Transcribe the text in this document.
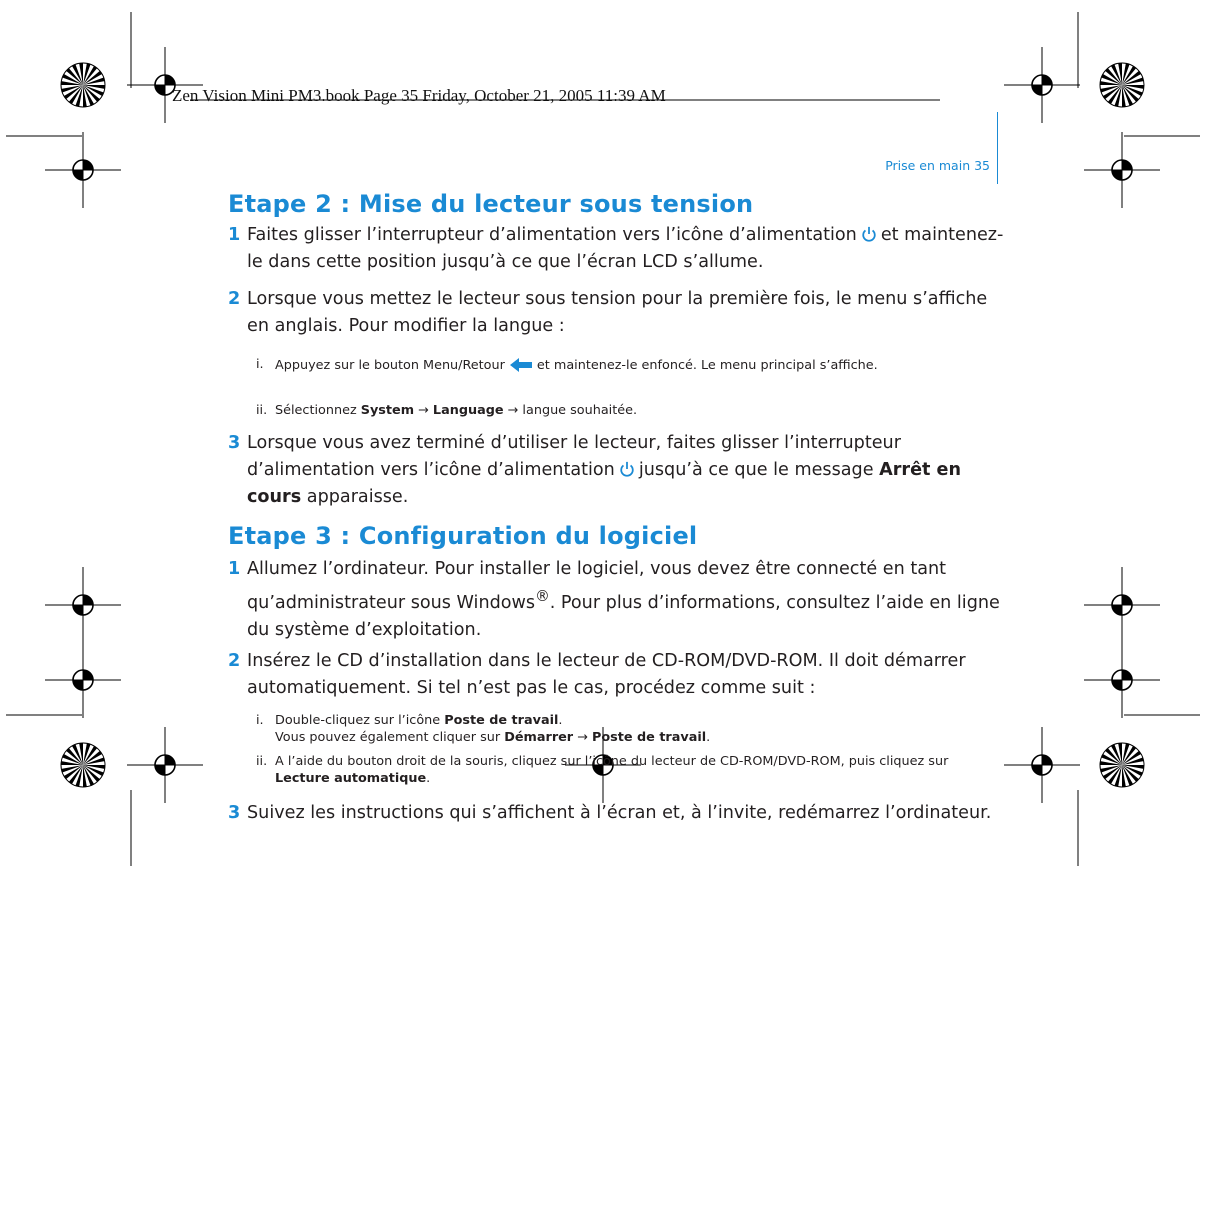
Zen Vision Mini PM3.book Page 35 Friday, October 21, 2005 11:39 AM
Prise en main 35
Etape 2 : Mise du lecteur sous tension
1 Faites glisser l’interrupteur d’alimentation vers l’icône d’alimentation et maintenez-le dans cette position jusqu’à ce que l’écran LCD s’allume.
2 Lorsque vous mettez le lecteur sous tension pour la première fois, le menu s’affiche en anglais. Pour modifier la langue :
i. Appuyez sur le bouton Menu/Retour	et maintenez-le enfoncé. Le menu principal s’affiche.
ii. Sélectionnez System → Language → langue souhaitée.
3 Lorsque vous avez terminé d’utiliser le lecteur, faites glisser l’interrupteur d’alimentation vers l’icône d’alimentation jusqu’à ce que le message Arrêt en cours apparaisse.
Etape 3 : Configuration du logiciel
1 Allumez l’ordinateur. Pour installer le logiciel, vous devez être connecté en tant qu’administrateur sous Windows®. Pour plus d’informations, consultez l’aide en ligne du système d’exploitation.
2 Insérez le CD d’installation dans le lecteur de CD-ROM/DVD-ROM. Il doit démarrer automatiquement. Si tel n’est pas le cas, procédez comme suit :
i. Double-cliquez sur l’icône Poste de travail.
Vous pouvez également cliquer sur Démarrer → Poste de travail.
ii. A l’aide du bouton droit de la souris, cliquez sur l’icône du lecteur de CD-ROM/DVD-ROM, puis cliquez sur Lecture automatique.
3 Suivez les instructions qui s’affichent à l’écran et, à l’invite, redémarrez l’ordinateur.
